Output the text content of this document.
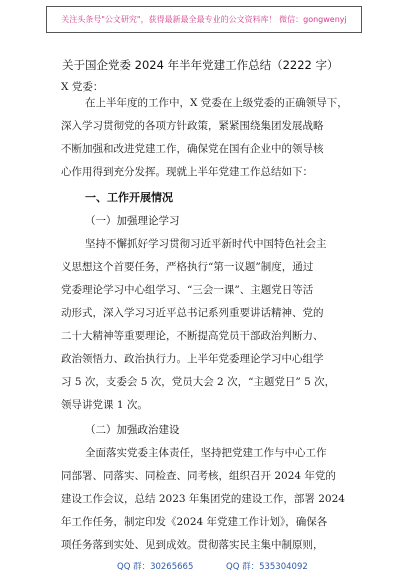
关注头条号"公文研究"，获得最新最全最专业的公文资料库！ 微信：gongwenyj
关于国企党委 2024 年半年党建工作总结（2222 字）
X 党委：
在上半年度的工作中，X 党委在上级党委的正确领导下，
深入学习贯彻党的各项方针政策，紧紧围绕集团发展战略
不断加强和改进党建工作，确保党在国有企业中的领导核
心作用得到充分发挥。现就上半年党建工作总结如下：
一、工作开展情况
（一）加强理论学习
坚持不懈抓好学习贯彻习近平新时代中国特色社会主
义思想这个首要任务，严格执行“第一议题”制度，通过
党委理论学习中心组学习、“三会一课”、主题党日等活
动形式，深入学习习近平总书记系列重要讲话精神、党的
二十大精神等重要理论，不断提高党员干部政治判断力、
政治领悟力、政治执行力。上半年党委理论学习中心组学
习 5 次，支委会 5 次，党员大会 2 次，“主题党日” 5 次，
领导讲党课 1 次。
（二）加强政治建设
全面落实党委主体责任，坚持把党建工作与中心工作
同部署、同落实、同检查、同考核，组织召开 2024 年党的
建设工作会议，总结 2023 年集团党的建设工作，部署 2024
年工作任务，制定印发《2024 年党建工作计划》，确保各
项任务落到实处、见到成效。贯彻落实民主集中制原则，
QQ 群：30265665	QQ 群：535304092
